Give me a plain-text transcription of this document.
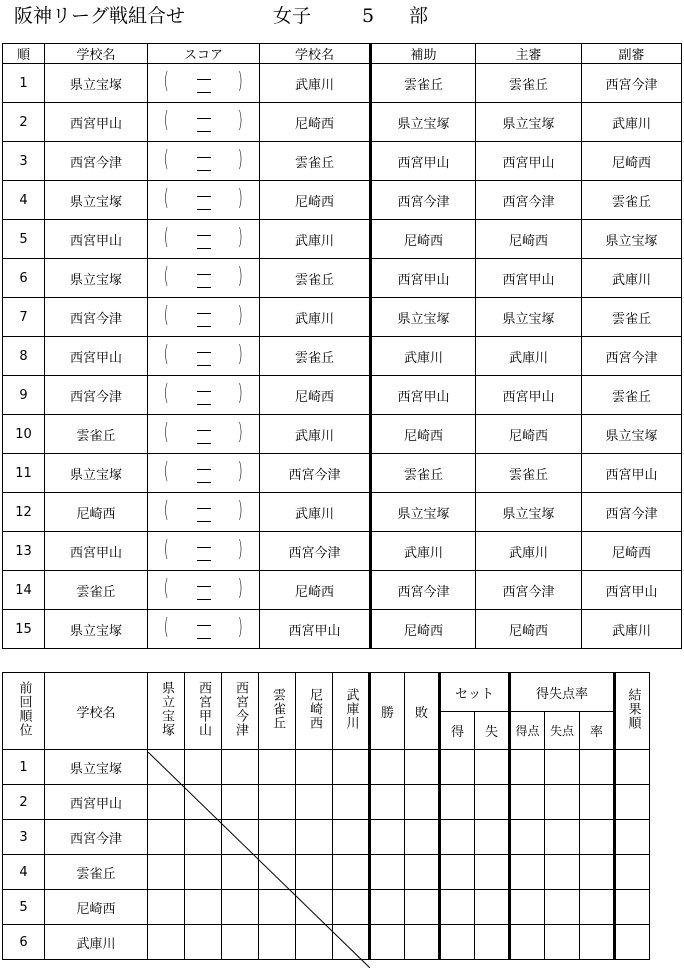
阪神リーグ戦組合せ	女子	5 部
順	学校名	スコア	学校名	補助	主審	副審
1	県立宝塚	( )	武庫川	雲雀丘	雲雀丘	西宮今津
2	西宮甲山	( )	尼崎西	県立宝塚	県立宝塚	武庫川
3	西宮今津	( )	雲雀丘	西宮甲山	西宮甲山	尼崎西
4	県立宝塚	( )	尼崎西	西宮今津	西宮今津	雲雀丘
5	西宮甲山	( )	武庫川	尼崎西	尼崎西	県立宝塚
6	県立宝塚	( )	雲雀丘	西宮甲山	西宮甲山	武庫川
7	西宮今津	( )	武庫川	県立宝塚	県立宝塚	雲雀丘
8	西宮甲山	( )	雲雀丘	武庫川	武庫川	西宮今津
9	西宮今津	( )	尼崎西	西宮甲山	西宮甲山	雲雀丘
10	雲雀丘	( )	武庫川	尼崎西	尼崎西	県立宝塚
11	県立宝塚	( )	西宮今津	雲雀丘	雲雀丘	西宮甲山
12	尼崎西	( )	武庫川	県立宝塚	県立宝塚	西宮今津
13	西宮甲山	( )	西宮今津	武庫川	武庫川	尼崎西
14	雲雀丘	( )	尼崎西	西宮今津	西宮今津	西宮甲山
15	県立宝塚	( )	西宮甲山	尼崎西	尼崎西	武庫川
前回順位	学校名	県立宝塚	西宮甲山	西宮今津	雲雀丘	尼崎西	武庫川	勝	敗	セット		得失点率			結果順
										得	失	得点	失点	率	
1	県立宝塚														
2	西宮甲山														
3	西宮今津														
4	雲雀丘														
5	尼崎西														
6	武庫川														
